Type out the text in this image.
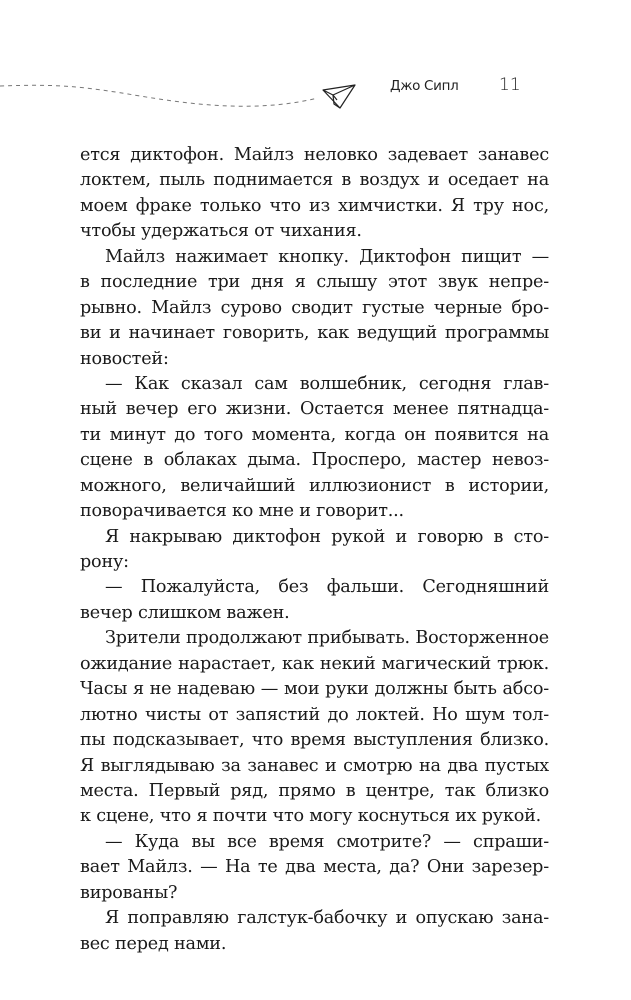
Джо Сипл 11
ется диктофон. Майлз неловко задевает занавес
локтем, пыль поднимается в воздух и оседает на
моем фраке только что из химчистки. Я тру нос,
чтобы удержаться от чихания.
Майлз нажимает кнопку. Диктофон пищит —
в последние три дня я слышу этот звук непре-
рывно. Майлз сурово сводит густые черные бро-
ви и начинает говорить, как ведущий программы
новостей:
— Как сказал сам волшебник, сегодня глав-
ный вечер его жизни. Остается менее пятнадца-
ти минут до того момента, когда он появится на
сцене в облаках дыма. Просперо, мастер невоз-
можного, величайший иллюзионист в истории,
поворачивается ко мне и говорит...
Я накрываю диктофон рукой и говорю в сто-
рону:
— Пожалуйста, без фальши. Сегодняшний
вечер слишком важен.
Зрители продолжают прибывать. Восторженное
ожидание нарастает, как некий магический трюк.
Часы я не надеваю — мои руки должны быть абсо-
лютно чисты от запястий до локтей. Но шум тол-
пы подсказывает, что время выступления близко.
Я выглядываю за занавес и смотрю на два пустых
места. Первый ряд, прямо в центре, так близко
к сцене, что я почти что могу коснуться их рукой.
— Куда вы все время смотрите? — спраши-
вает Майлз. — На те два места, да? Они зарезер-
вированы?
Я поправляю галстук-бабочку и опускаю зана-
вес перед нами.
